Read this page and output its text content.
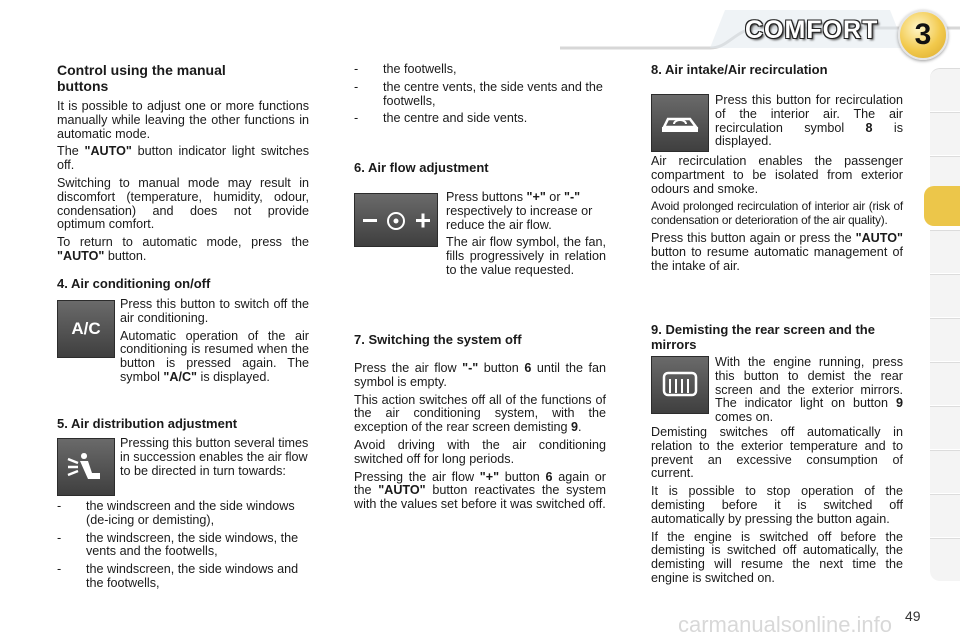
COMFORT	3
Control using the manual buttons

It is possible to adjust one or more functions manually while leaving the other functions in automatic mode.

The "AUTO" button indicator light switches off.

Switching to manual mode may result in discomfort (temperature, humidity, odour, condensation) and does not provide optimum comfort.

To return to automatic mode, press the "AUTO" button.

4. Air conditioning on/off
A/C

Press this button to switch off the air conditioning.

Automatic operation of the air conditioning is resumed when the button is pressed again. The symbol "A/C" is displayed.

5. Air distribution adjustment

Pressing this button several times in succession enables the air flow to be directed in turn towards:

- the windscreen and the side windows (de-icing or demisting),
- the windscreen, the side windows, the vents and the footwells,
- the windscreen, the side windows and the footwells,
- the footwells,
- the centre vents, the side vents and the footwells,
- the centre and side vents.
6. Air flow adjustment

Press buttons "+" or "-" respectively to increase or reduce the air flow.

The air flow symbol, the fan, fills progressively in relation to the value requested.

7. Switching the system off

Press the air flow "-" button 6 until the fan symbol is empty.

This action switches off all of the functions of the air conditioning system, with the exception of the rear screen demisting 9.

Avoid driving with the air conditioning switched off for long periods.

Pressing the air flow "+" button 6 again or the "AUTO" button reactivates the system with the values set before it was switched off.

8. Air intake/Air recirculation

Press this button for recirculation of the interior air. The air recirculation symbol 8 is displayed.

Air recirculation enables the passenger compartment to be isolated from exterior odours and smoke.

Avoid prolonged recirculation of interior air (risk of condensation or deterioration of the air quality).

Press this button again or press the "AUTO" button to resume automatic management of the intake of air.

9. Demisting the rear screen and the mirrors

With the engine running, press this button to demist the rear screen and the exterior mirrors. The indicator light on button 9 comes on.

Demisting switches off automatically in relation to the exterior temperature and to prevent an excessive consumption of current.

It is possible to stop operation of the demisting before it is switched off automatically by pressing the button again.

If the engine is switched off before the demisting is switched off automatically, the demisting will resume the next time the engine is switched on.

49
carmanualsonline.info
